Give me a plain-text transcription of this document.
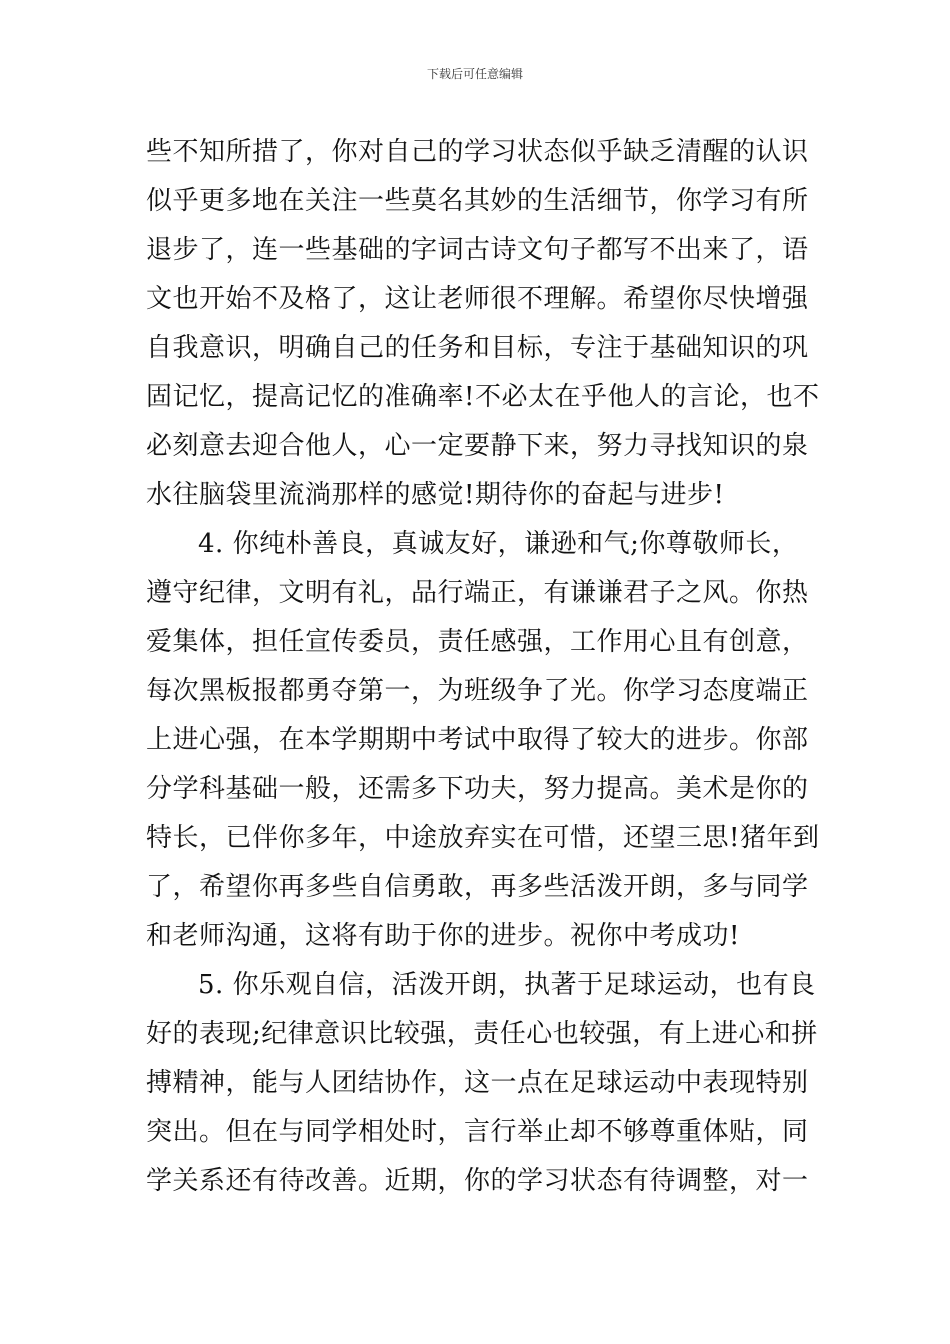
下载后可任意编辑
些不知所措了，你对自己的学习状态似乎缺乏清醒的认识
似乎更多地在关注一些莫名其妙的生活细节，你学习有所
退步了，连一些基础的字词古诗文句子都写不出来了，语
文也开始不及格了，这让老师很不理解。希望你尽快增强
自我意识，明确自己的任务和目标，专注于基础知识的巩
固记忆，提高记忆的准确率!不必太在乎他人的言论，也不
必刻意去迎合他人，心一定要静下来，努力寻找知识的泉
水往脑袋里流淌那样的感觉!期待你的奋起与进步!
4. 你纯朴善良，真诚友好，谦逊和气;你尊敬师长，
遵守纪律，文明有礼，品行端正，有谦谦君子之风。你热
爱集体，担任宣传委员，责任感强，工作用心且有创意，
每次黑板报都勇夺第一，为班级争了光。你学习态度端正
上进心强，在本学期期中考试中取得了较大的进步。你部
分学科基础一般，还需多下功夫，努力提高。美术是你的
特长，已伴你多年，中途放弃实在可惜，还望三思!猪年到
了，希望你再多些自信勇敢，再多些活泼开朗，多与同学
和老师沟通，这将有助于你的进步。祝你中考成功!
5. 你乐观自信，活泼开朗，执著于足球运动，也有良
好的表现;纪律意识比较强，责任心也较强，有上进心和拼
搏精神，能与人团结协作，这一点在足球运动中表现特别
突出。但在与同学相处时，言行举止却不够尊重体贴，同
学关系还有待改善。近期，你的学习状态有待调整，对一
